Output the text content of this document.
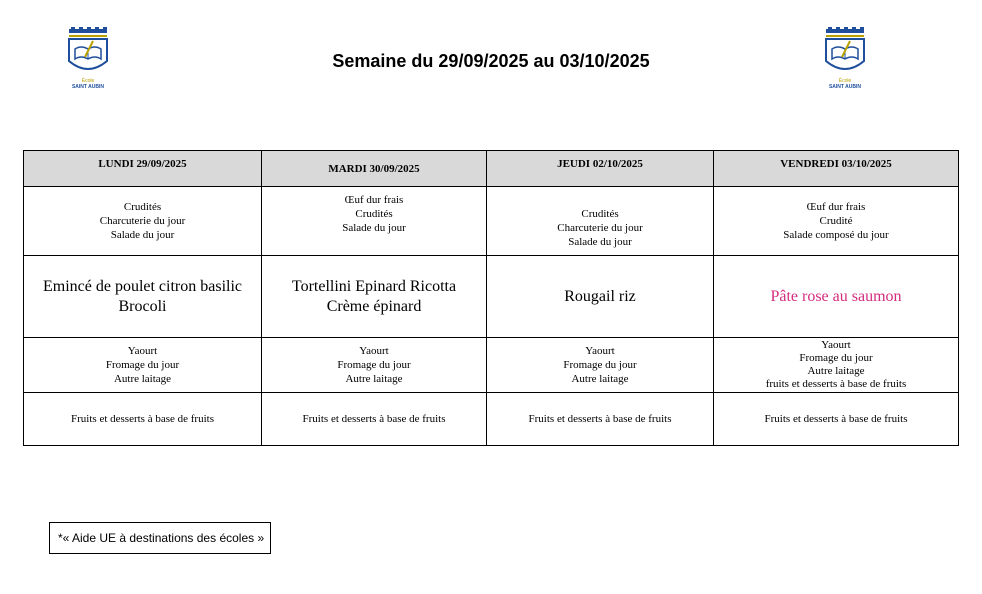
École
SAINT AUBIN
École
SAINT AUBIN
Semaine du 29/09/2025 au 03/10/2025
LUNDI 29/09/2025	MARDI 30/09/2025	JEUDI 02/10/2025	VENDREDI 03/10/2025

Crudités
Charcuterie du jour
Salade du jour	Œuf dur frais
Crudités
Salade du jour	Crudités
Charcuterie du jour
Salade du jour	Œuf dur frais
Crudité
Salade composé du jour

Emincé de poulet citron basilic
Brocoli	Tortellini Epinard Ricotta
Crème épinard	Rougail riz	Pâte rose au saumon

Yaourt
Fromage du jour
Autre laitage	Yaourt
Fromage du jour
Autre laitage	Yaourt
Fromage du jour
Autre laitage	Yaourt
Fromage du jour
Autre laitage
fruits et desserts à base de fruits

Fruits et desserts à base de fruits	Fruits et desserts à base de fruits	Fruits et desserts à base de fruits	Fruits et desserts à base de fruits
*« Aide UE à destinations des écoles »
